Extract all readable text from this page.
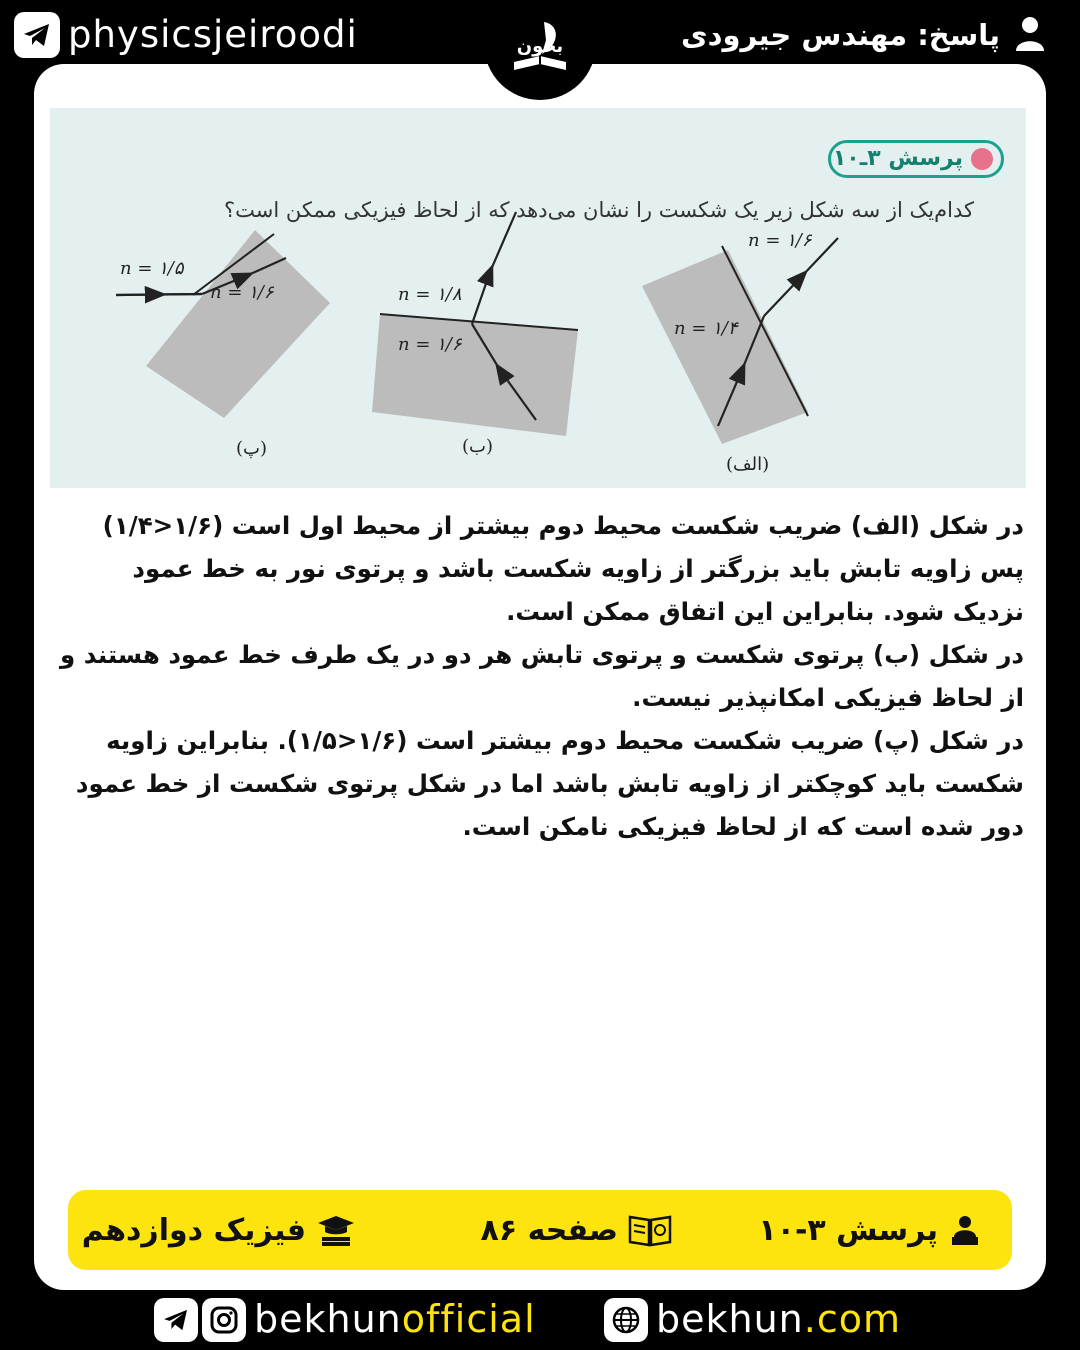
physicsjeiroodi	پاسخ: مهندس جیرودی
بخون
پرسش ۳ـ۱۰
کدام‌یک از سه شکل زیر یک شکست را نشان می‌دهد که از لحاظ فیزیکی ممکن است؟
n = ۱/۵
n = ۱/۶
(پ)
n = ۱/۸
n = ۱/۶
(ب)
n = ۱/۶
n = ۱/۴
(الف)

در شکل (الف) ضریب شکست محیط دوم بیشتر از محیط اول است (۱/۶<۱/۴) پس زاویه تابش باید بزرگتر از زاویه شکست باشد و پرتوی نور به خط عمود نزدیک شود. بنابراین این اتفاق ممکن است.

در شکل (ب) پرتوی شکست و پرتوی تابش هر دو در یک طرف خط عمود هستند و از لحاظ فیزیکی امکانپذیر نیست.

در شکل (پ) ضریب شکست محیط دوم بیشتر است (۱/۶<۱/۵). بنابراین زاویه شکست باید کوچکتر از زاویه تابش باشد اما در شکل پرتوی شکست از خط عمود دور شده است که از لحاظ فیزیکی نامکن است.

پرسش ۳-۱۰
صفحه ۸۶
فیزیک دوازدهم
bekhunofficial	bekhun.com
